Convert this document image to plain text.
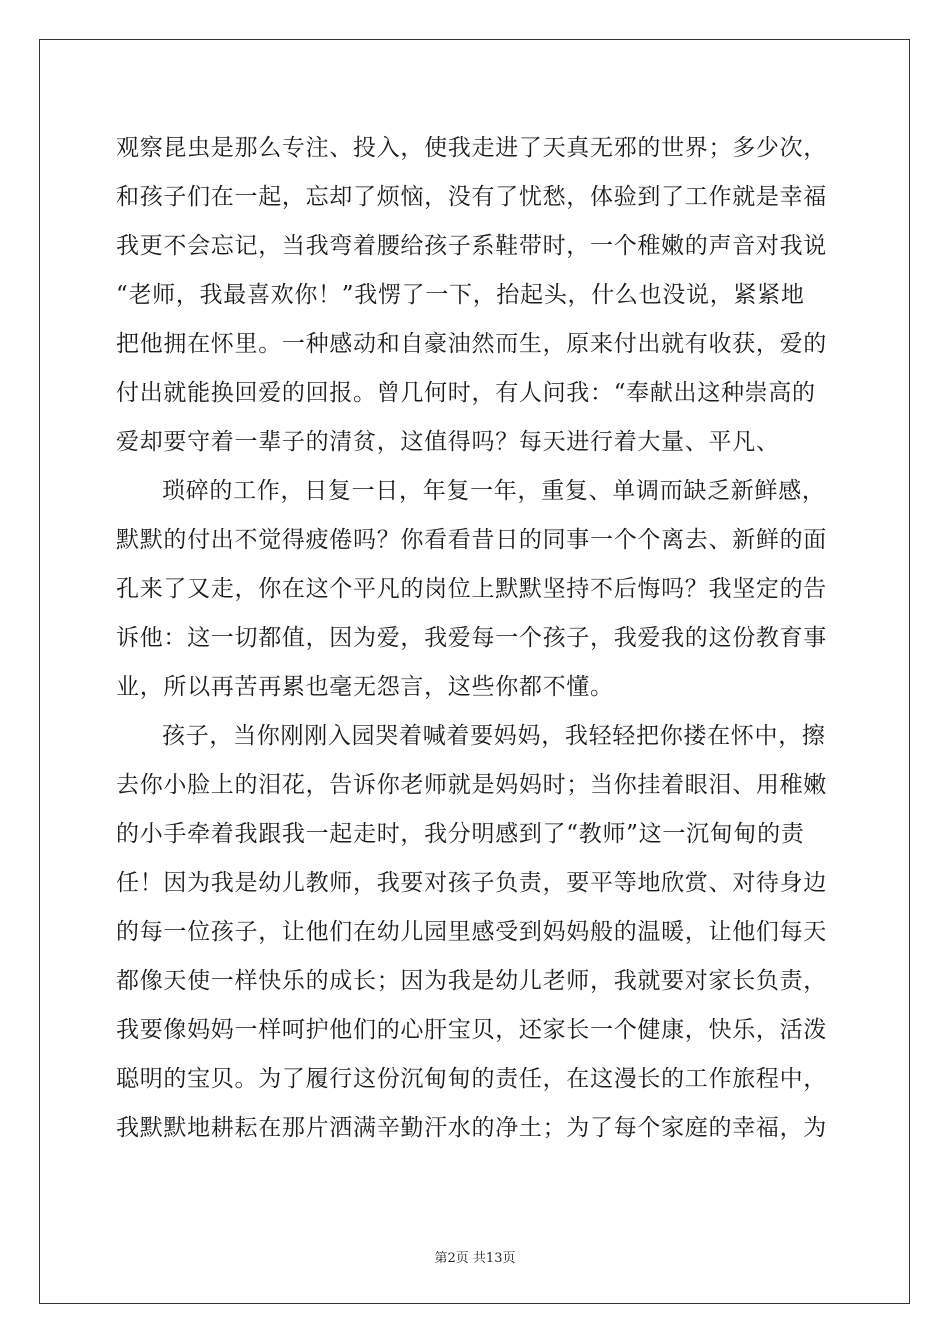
观察昆虫是那么专注、投入，使我走进了天真无邪的世界；多少次，
和孩子们在一起，忘却了烦恼，没有了忧愁，体验到了工作就是幸福
我更不会忘记，当我弯着腰给孩子系鞋带时，一个稚嫩的声音对我说
“老师，我最喜欢你！”我愣了一下，抬起头，什么也没说，紧紧地
把他拥在怀里。一种感动和自豪油然而生，原来付出就有收获，爱的
付出就能换回爱的回报。曾几何时，有人问我：“奉献出这种崇高的
爱却要守着一辈子的清贫，这值得吗？每天进行着大量、平凡、
琐碎的工作，日复一日，年复一年，重复、单调而缺乏新鲜感，
默默的付出不觉得疲倦吗？你看看昔日的同事一个个离去、新鲜的面
孔来了又走，你在这个平凡的岗位上默默坚持不后悔吗？我坚定的告
诉他：这一切都值，因为爱，我爱每一个孩子，我爱我的这份教育事
业，所以再苦再累也毫无怨言，这些你都不懂。
孩子，当你刚刚入园哭着喊着要妈妈，我轻轻把你搂在怀中，擦
去你小脸上的泪花，告诉你老师就是妈妈时；当你挂着眼泪、用稚嫩
的小手牵着我跟我一起走时，我分明感到了“教师”这一沉甸甸的责
任！因为我是幼儿教师，我要对孩子负责，要平等地欣赏、对待身边
的每一位孩子，让他们在幼儿园里感受到妈妈般的温暖，让他们每天
都像天使一样快乐的成长；因为我是幼儿老师，我就要对家长负责，
我要像妈妈一样呵护他们的心肝宝贝，还家长一个健康，快乐，活泼
聪明的宝贝。为了履行这份沉甸甸的责任，在这漫长的工作旅程中，
我默默地耕耘在那片洒满辛勤汗水的净土；为了每个家庭的幸福，为
第2页 共13页
